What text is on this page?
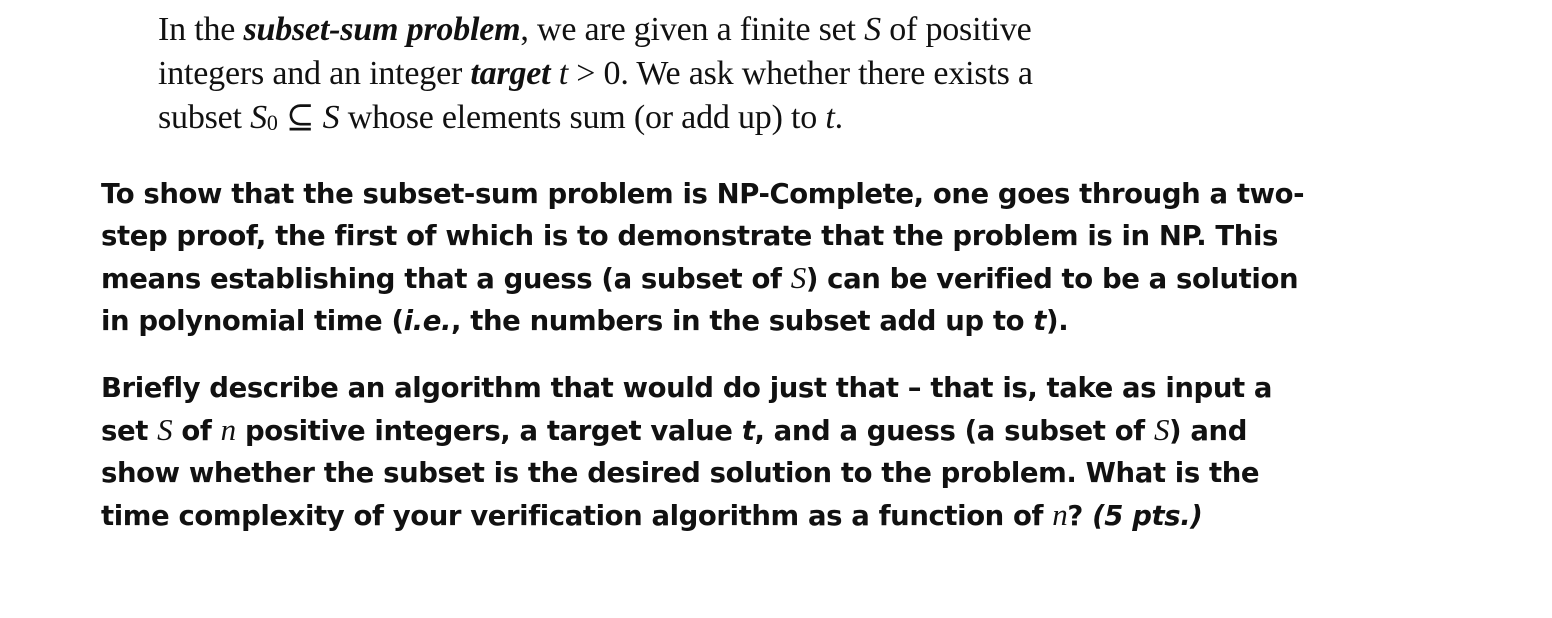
In the subset-sum problem, we are given a finite set S of positive
integers and an integer target t > 0. We ask whether there exists a
subset S0 ⊆ S whose elements sum (or add up) to t.
To show that the subset-sum problem is NP-Complete, one goes through a two-
step proof, the first of which is to demonstrate that the problem is in NP. This
means establishing that a guess (a subset of S) can be verified to be a solution
in polynomial time (i.e., the numbers in the subset add up to t).
Briefly describe an algorithm that would do just that – that is, take as input a
set S of n positive integers, a target value t, and a guess (a subset of S) and
show whether the subset is the desired solution to the problem. What is the
time complexity of your verification algorithm as a function of n? (5 pts.)
